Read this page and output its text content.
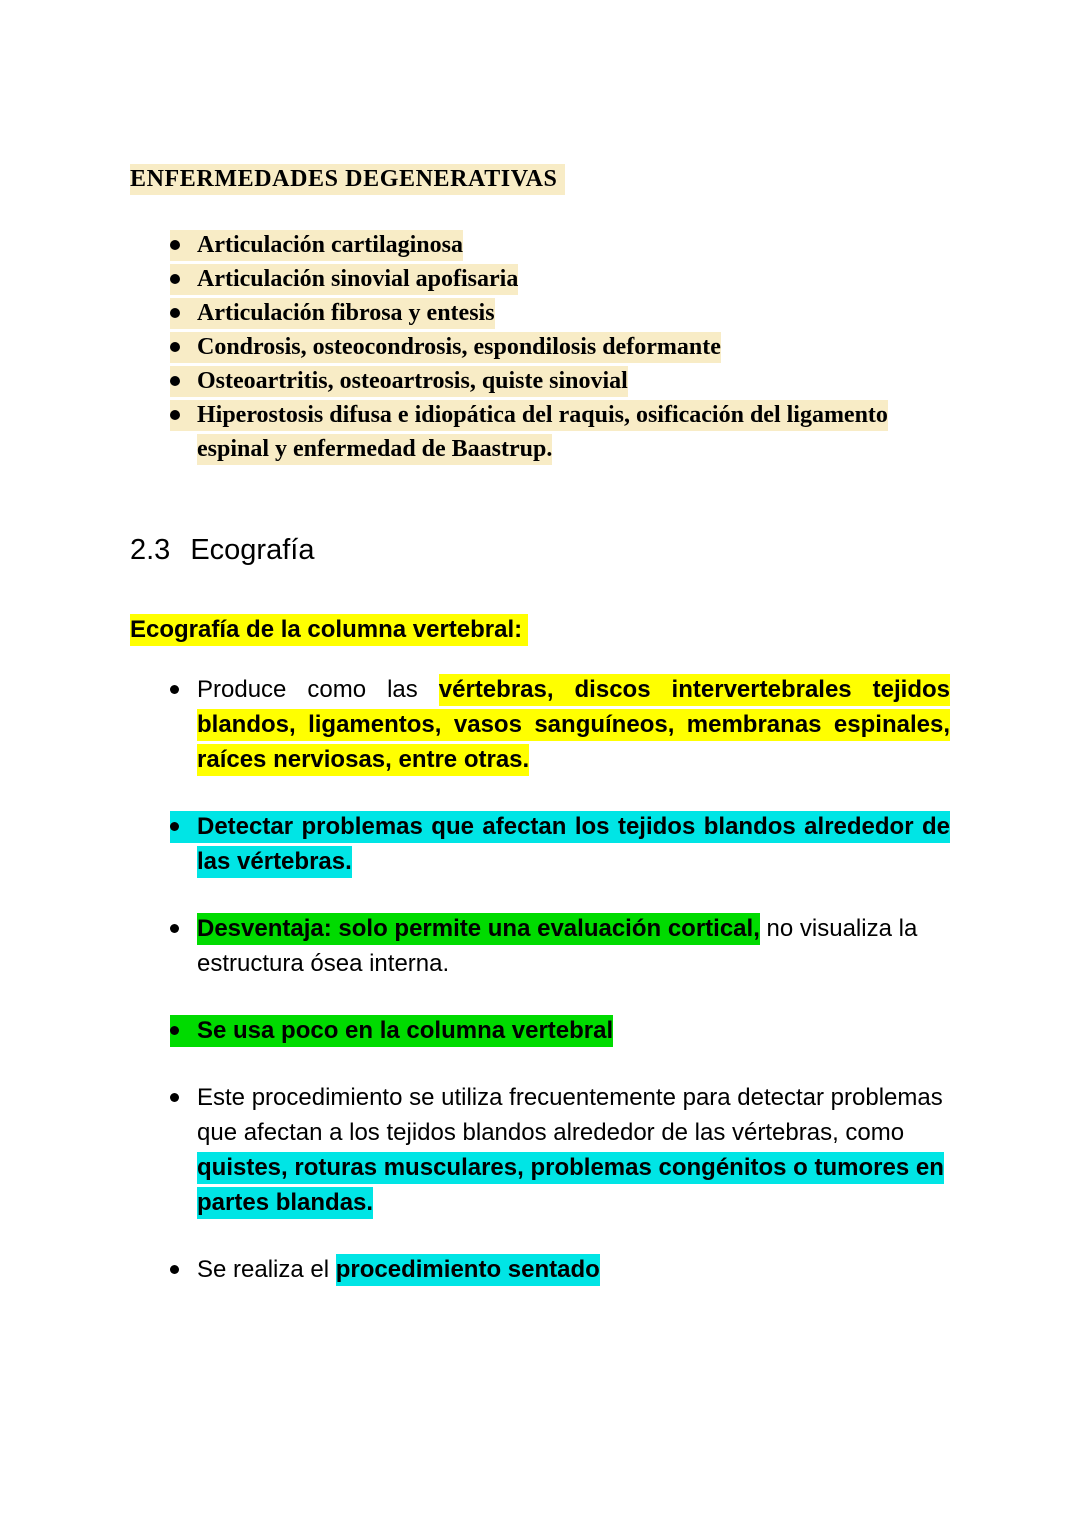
ENFERMEDADES DEGENERATIVAS
Articulación cartilaginosa
Articulación sinovial apofisaria
Articulación fibrosa y entesis
Condrosis, osteocondrosis, espondilosis deformante
Osteoartritis, osteoartrosis, quiste sinovial
Hiperostosis difusa e idiopática del raquis, osificación del ligamento espinal y enfermedad de Baastrup.
2.3 Ecografía
Ecografía de la columna vertebral:
Produce como las vértebras, discos intervertebrales tejidos blandos, ligamentos, vasos sanguíneos, membranas espinales, raíces nerviosas, entre otras.
Detectar problemas que afectan los tejidos blandos alrededor de las vértebras.
Desventaja: solo permite una evaluación cortical, no visualiza la estructura ósea interna.
Se usa poco en la columna vertebral
Este procedimiento se utiliza frecuentemente para detectar problemas que afectan a los tejidos blandos alrededor de las vértebras, como quistes, roturas musculares, problemas congénitos o tumores en partes blandas.
Se realiza el procedimiento sentado
